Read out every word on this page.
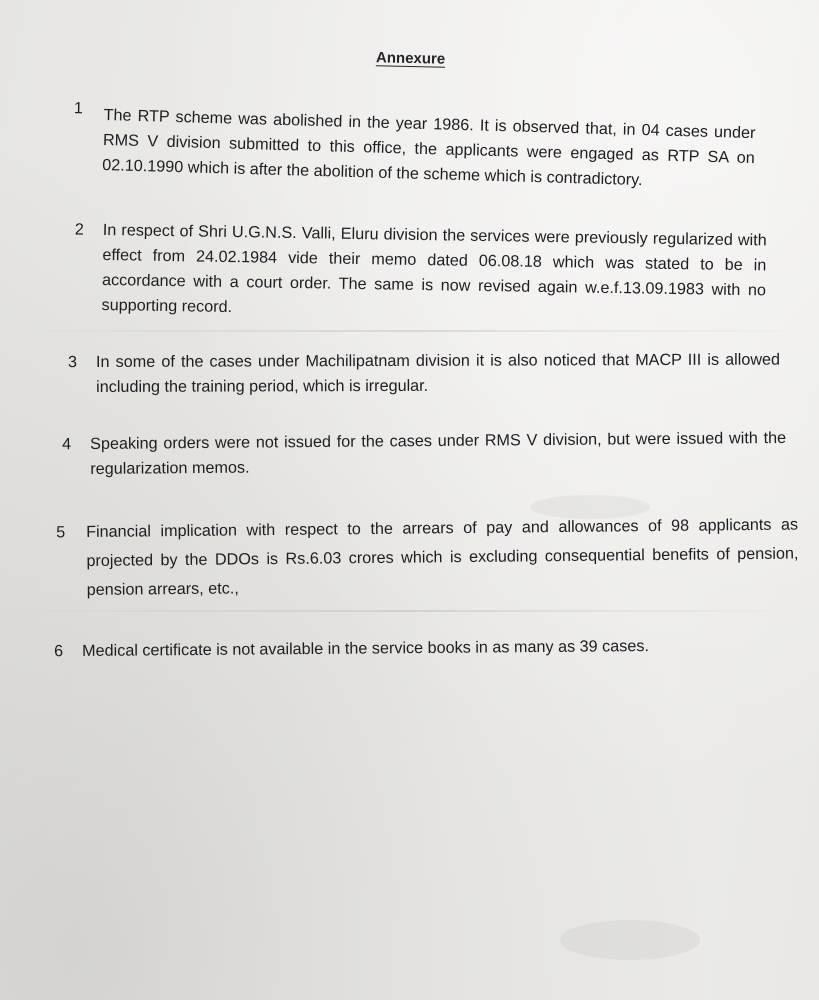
Annexure
1 The RTP scheme was abolished in the year 1986. It is observed that, in 04 cases under RMS V division submitted to this office, the applicants were engaged as RTP SA on 02.10.1990 which is after the abolition of the scheme which is contradictory.
2 In respect of Shri U.G.N.S. Valli, Eluru division the services were previously regularized with effect from 24.02.1984 vide their memo dated 06.08.18 which was stated to be in accordance with a court order. The same is now revised again w.e.f.13.09.1983 with no supporting record.
3 In some of the cases under Machilipatnam division it is also noticed that MACP III is allowed including the training period, which is irregular.
4 Speaking orders were not issued for the cases under RMS V division, but were issued with the regularization memos.
5 Financial implication with respect to the arrears of pay and allowances of 98 applicants as projected by the DDOs is Rs.6.03 crores which is excluding consequential benefits of pension, pension arrears, etc.,
6 Medical certificate is not available in the service books in as many as 39 cases.
